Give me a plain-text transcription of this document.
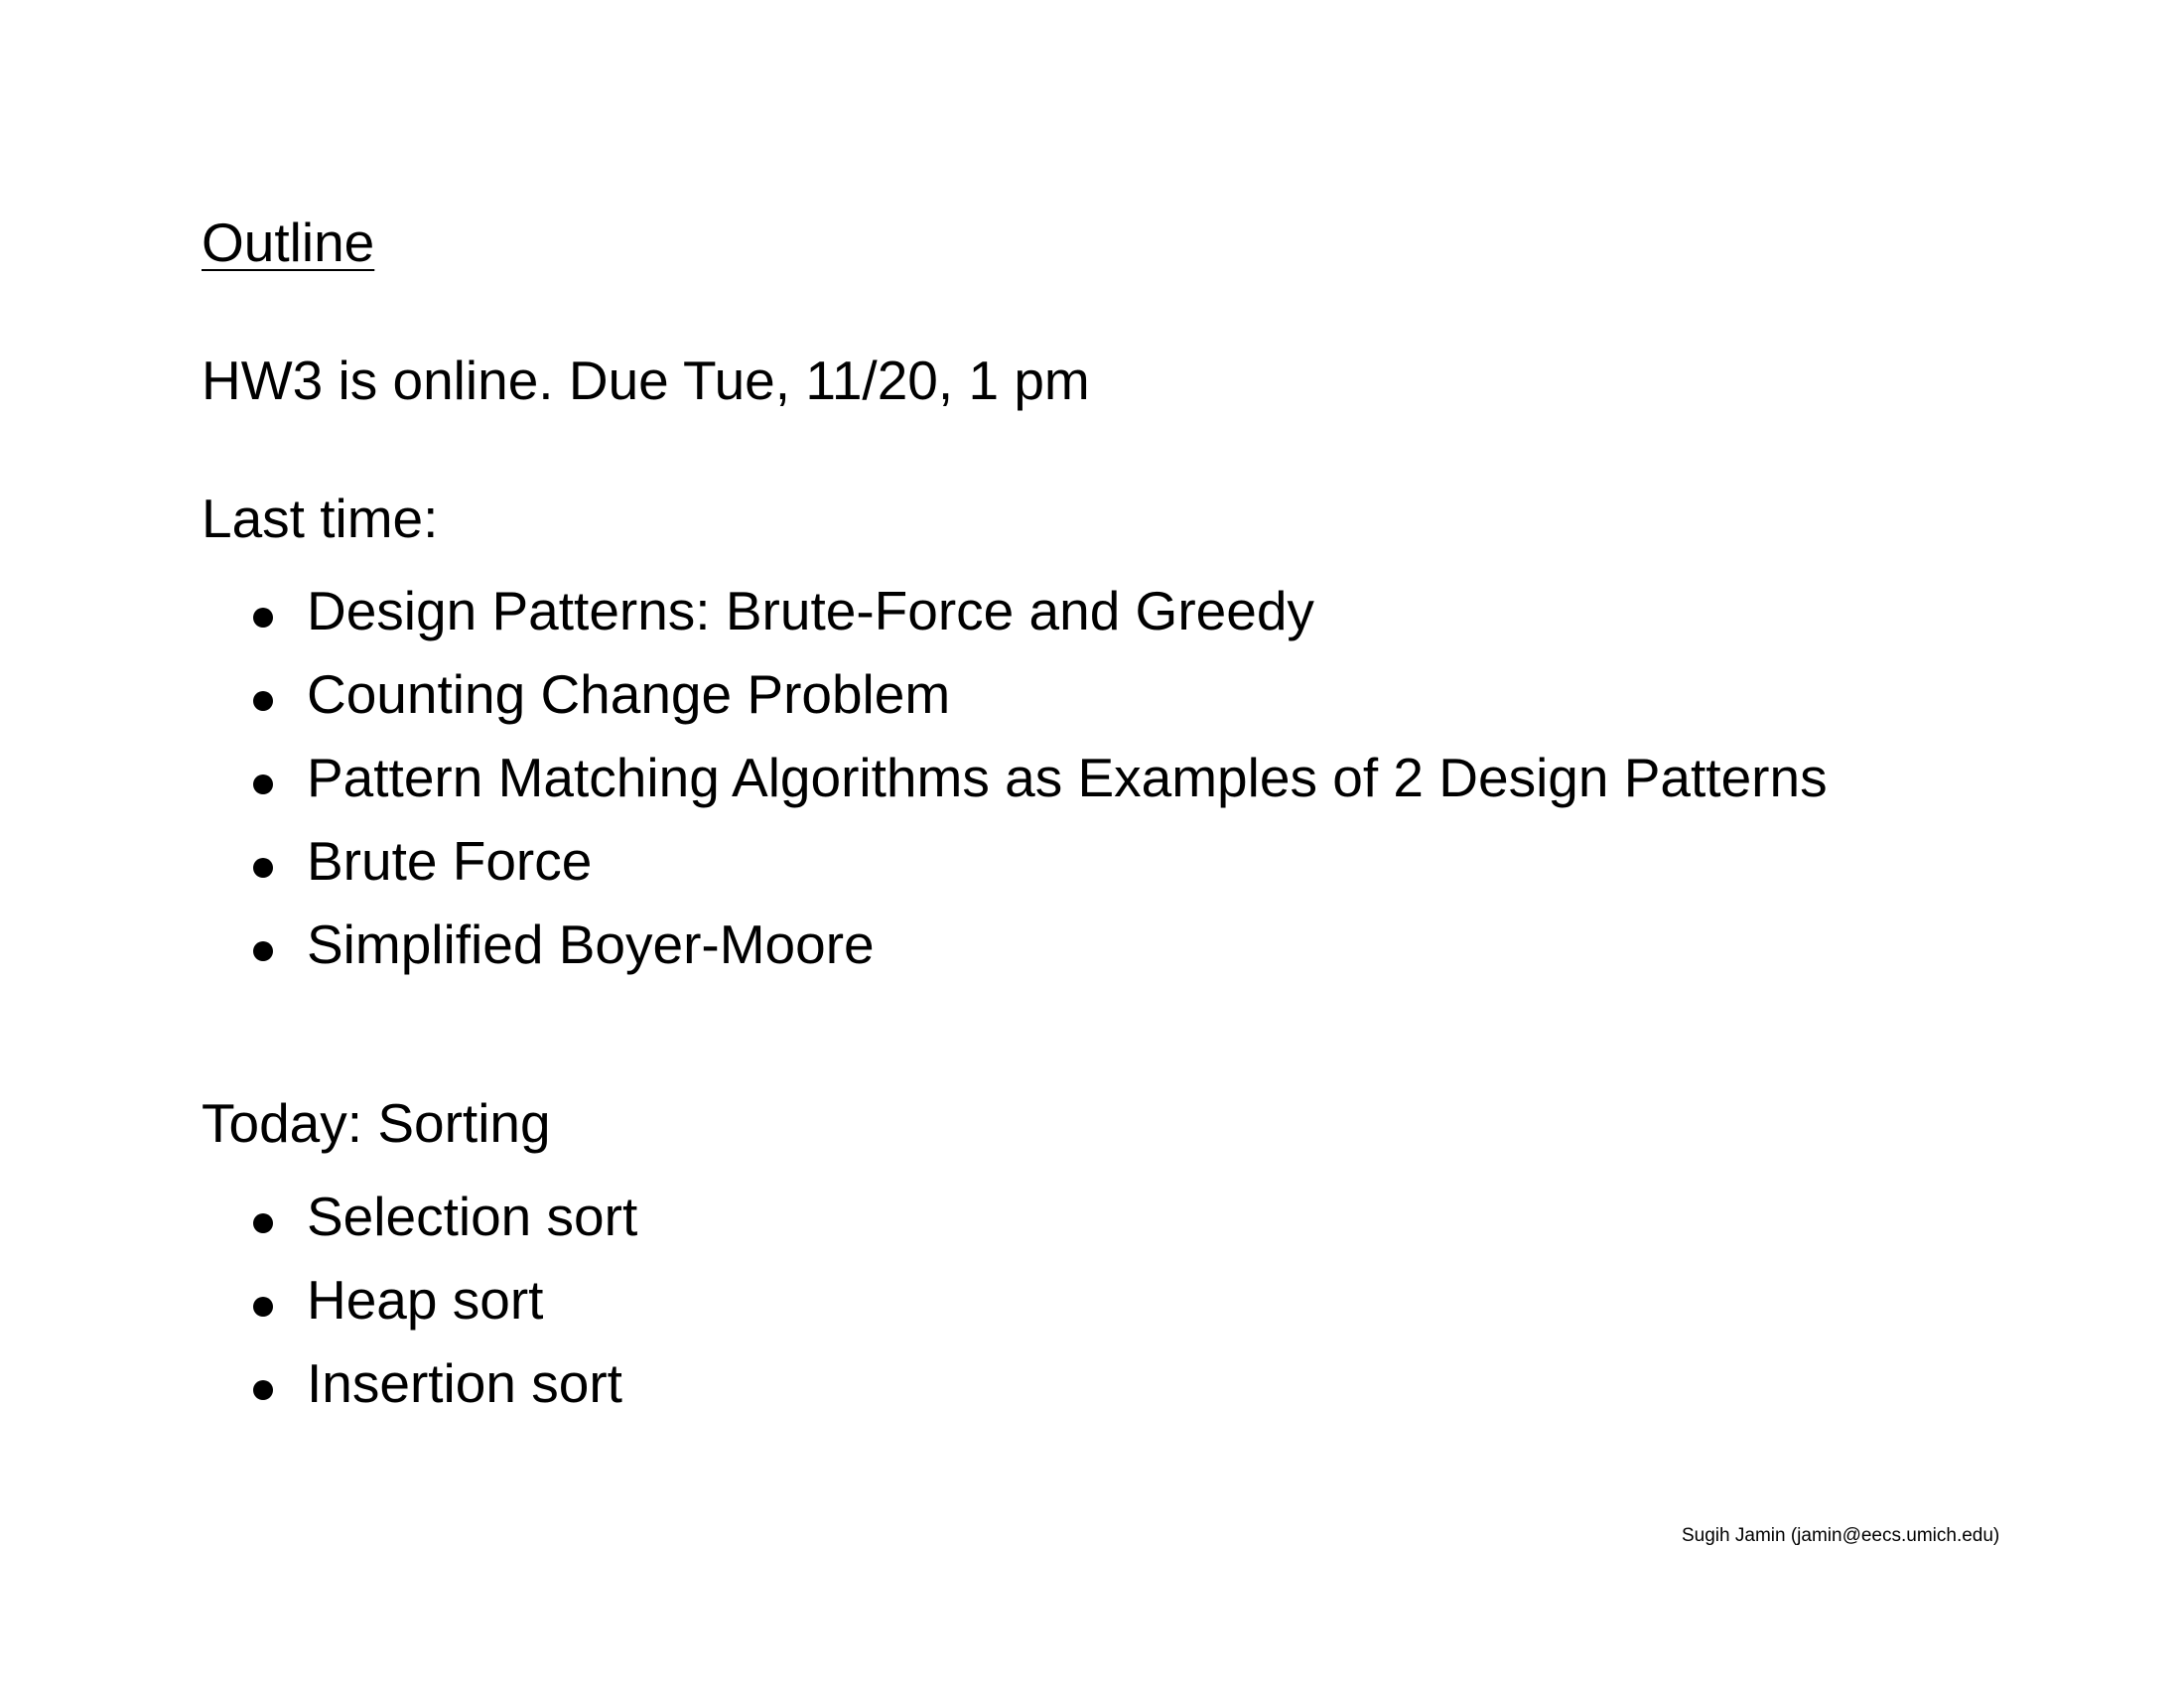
Outline

HW3 is online. Due Tue, 11/20, 1 pm

Last time:

Design Patterns: Brute-Force and Greedy
Counting Change Problem
Pattern Matching Algorithms as Examples of 2 Design Patterns
Brute Force
Simplified Boyer-Moore

Today: Sorting

Selection sort
Heap sort
Insertion sort
Sugih Jamin (jamin@eecs.umich.edu)
